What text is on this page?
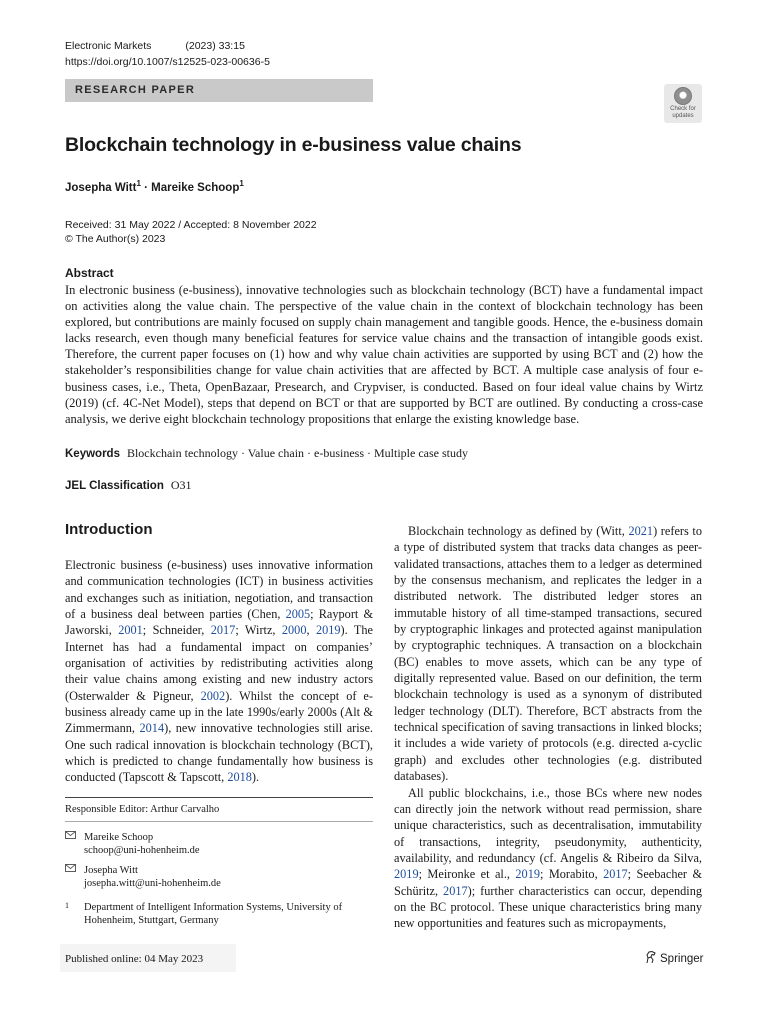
Electronic Markets	(2023) 33:15
https://doi.org/10.1007/s12525-023-00636-5
RESEARCH PAPER
Check for updates
Blockchain technology in e-business value chains
Josepha Witt$^1$ · Mareike Schoop$^1$
Received: 31 May 2022 / Accepted: 8 November 2022
© The Author(s) 2023
Abstract
In electronic business (e-business), innovative technologies such as blockchain technology (BCT) have a fundamental impact on activities along the value chain. The perspective of the value chain in the context of blockchain technology has been explored, but contributions are mainly focused on supply chain management and tangible goods. Hence, the e-business domain lacks research, even though many beneficial features for service value chains and the transaction of intangible goods exist. Therefore, the current paper focuses on (1) how and why value chain activities are supported by using BCT and (2) how the stakeholder’s responsibilities change for value chain activities that are affected by BCT. A multiple case analysis of four e-business cases, i.e., Theta, OpenBazaar, Presearch, and Crypviser, is conducted. Based on four ideal value chains by Wirtz (2019) (cf. 4C-Net Model), steps that depend on BCT or that are supported by BCT are outlined. By conducting a cross-case analysis, we derive eight blockchain technology propositions that enlarge the existing knowledge base.
Keywords Blockchain technology · Value chain · e-business · Multiple case study
JEL Classification O31
Introduction

Electronic business (e-business) uses innovative information and communication technologies (ICT) in business activities and exchanges such as initiation, negotiation, and transaction of a business deal between parties (Chen, 2005; Rayport & Jaworski, 2001; Schneider, 2017; Wirtz, 2000, 2019). The Internet has had a fundamental impact on companies’ organisation of activities by redistributing activities along their value chains among existing and new industry actors (Osterwalder & Pigneur, 2002). Whilst the concept of e-business already came up in the late 1990s/early 2000s (Alt & Zimmermann, 2014), new innovative technologies still arise. One such radical innovation is blockchain technology (BCT), which is predicted to change fundamentally how business is conducted (Tapscott & Tapscott, 2018).

Blockchain technology as defined by (Witt, 2021) refers to a type of distributed system that tracks data changes as peer-validated transactions, attaches them to a ledger as determined by the consensus mechanism, and replicates the ledger in a distributed network. The distributed ledger stores an immutable history of all time-stamped transactions, secured by cryptographic linkages and protected against manipulation by cryptographic techniques. A transaction on a blockchain (BC) enables to move assets, which can be any type of digitally represented value. Based on our definition, the term blockchain technology is used as a synonym of distributed ledger technology (DLT). Therefore, BCT abstracts from the technical specification of saving transactions in linked blocks; it includes a wide variety of protocols (e.g. directed a-cyclic graph) and excludes other technologies (e.g. distributed databases).

All public blockchains, i.e., those BCs where new nodes can directly join the network without read permission, share unique characteristics, such as decentralisation, immutability of transactions, integrity, pseudonymity, authenticity, availability, and redundancy (cf. Angelis & Ribeiro da Silva, 2019; Meironke et al., 2019; Morabito, 2017; Seebacher & Schüritz, 2017); further characteristics can occur, depending on the BC protocol. These unique characteristics bring many new opportunities and features such as micropayments,

Responsible Editor: Arthur Carvalho
Mareike Schoop
schoop@uni-hohenheim.de
Josepha Witt
josepha.witt@uni-hohenheim.de
1 Department of Intelligent Information Systems, University of Hohenheim, Stuttgart, Germany
Published online: 04 May 2023	Springer
